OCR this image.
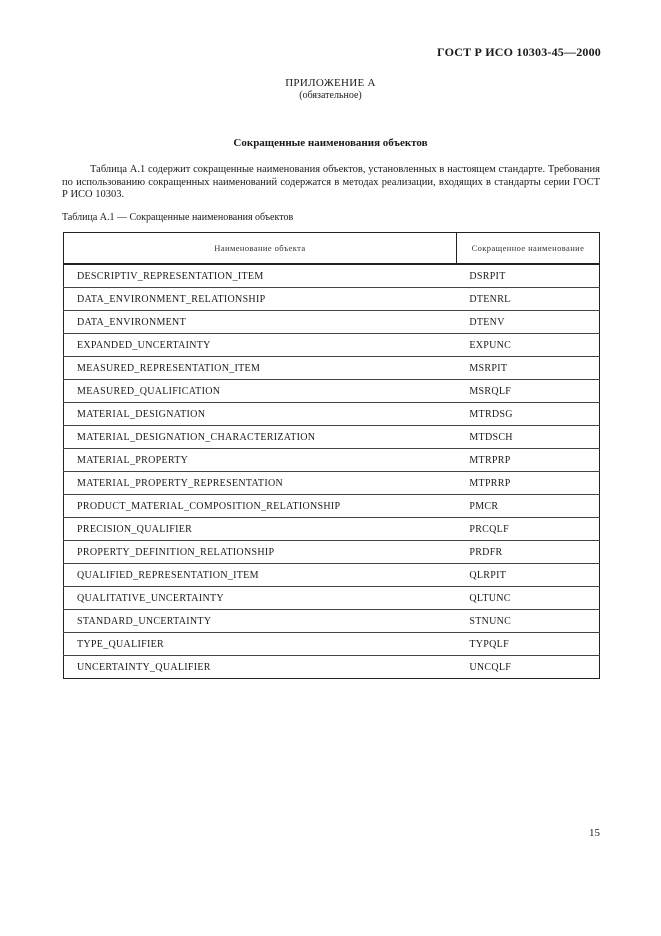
ГОСТ Р ИСО 10303-45—2000
ПРИЛОЖЕНИЕ А
(обязательное)
Сокращенные наименования объектов
Таблица А.1 содержит сокращенные наименования объектов, установленных в настоящем стандарте. Требования по использованию сокращенных наименований содержатся в методах реализации, входящих в стандарты серии ГОСТ Р ИСО 10303.
Таблица А.1 — Сокращенные наименования объектов
Наименование объекта	Сокращенное наименование
DESCRIPTIV_REPRESENTATION_ITEM	DSRPIT
DATA_ENVIRONMENT_RELATIONSHIP	DTENRL
DATA_ENVIRONMENT	DTENV
EXPANDED_UNCERTAINTY	EXPUNC
MEASURED_REPRESENTATION_ITEM	MSRPIT
MEASURED_QUALIFICATION	MSRQLF
MATERIAL_DESIGNATION	MTRDSG
MATERIAL_DESIGNATION_CHARACTERIZATION	MTDSCH
MATERIAL_PROPERTY	MTRPRP
MATERIAL_PROPERTY_REPRESENTATION	MTPRRP
PRODUCT_MATERIAL_COMPOSITION_RELATIONSHIP	PMCR
PRECISION_QUALIFIER	PRCQLF
PROPERTY_DEFINITION_RELATIONSHIP	PRDFR
QUALIFIED_REPRESENTATION_ITEM	QLRPIT
QUALITATIVE_UNCERTAINTY	QLTUNC
STANDARD_UNCERTAINTY	STNUNC
TYPE_QUALIFIER	TYPQLF
UNCERTAINTY_QUALIFIER	UNCQLF
15
